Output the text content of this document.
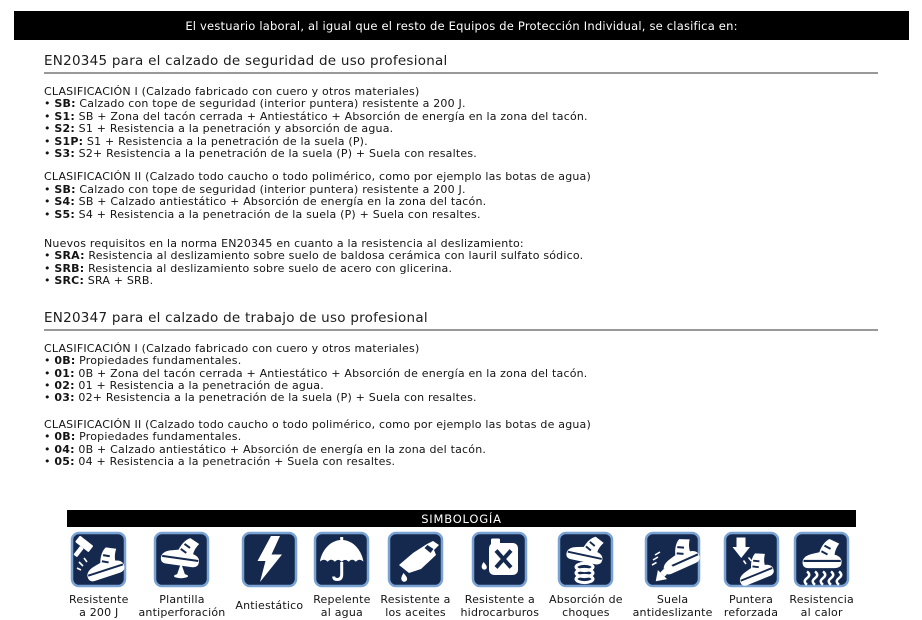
El vestuario laboral, al igual que el resto de Equipos de Protección Individual, se clasifica en:
EN20345 para el calzado de seguridad de uso profesional

CLASIFICACIÓN I (Calzado fabricado con cuero y otros materiales)

• SB: Calzado con tope de seguridad (interior puntera) resistente a 200 J.
• S1: SB + Zona del tacón cerrada + Antiestático + Absorción de energía en la zona del tacón.
• S2: S1 + Resistencia a la penetración y absorción de agua.
• S1P: S1 + Resistencia a la penetración de la suela (P).
• S3: S2+ Resistencia a la penetración de la suela (P) + Suela con resaltes.

CLASIFICACIÓN II (Calzado todo caucho o todo polimérico, como por ejemplo las botas de agua)

• SB: Calzado con tope de seguridad (interior puntera) resistente a 200 J.
• S4: SB + Calzado antiestático + Absorción de energía en la zona del tacón.
• S5: S4 + Resistencia a la penetración de la suela (P) + Suela con resaltes.

Nuevos requisitos en la norma EN20345 en cuanto a la resistencia al deslizamiento:

• SRA: Resistencia al deslizamiento sobre suelo de baldosa cerámica con lauril sulfato sódico.
• SRB: Resistencia al deslizamiento sobre suelo de acero con glicerina.
• SRC: SRA + SRB.
EN20347 para el calzado de trabajo de uso profesional

CLASIFICACIÓN I (Calzado fabricado con cuero y otros materiales)

• 0B: Propiedades fundamentales.
• 01: 0B + Zona del tacón cerrada + Antiestático + Absorción de energía en la zona del tacón.
• 02: 01 + Resistencia a la penetración de agua.
• 03: 02+ Resistencia a la penetración de la suela (P) + Suela con resaltes.

CLASIFICACIÓN II (Calzado todo caucho o todo polimérico, como por ejemplo las botas de agua)

• 0B: Propiedades fundamentales.
• 04: 0B + Calzado antiestático + Absorción de energía en la zona del tacón.
• 05: 04 + Resistencia a la penetración + Suela con resaltes.
SIMBOLOGÍA
Resistente
a 200 J
Plantilla
antiperforación Antiestático Repelente
al agua
Resistente a
los aceites
Resistente a
hidrocarburos
Absorción de
choques
Suela
antideslizante
Puntera
reforzada
Resistencia
al calor
